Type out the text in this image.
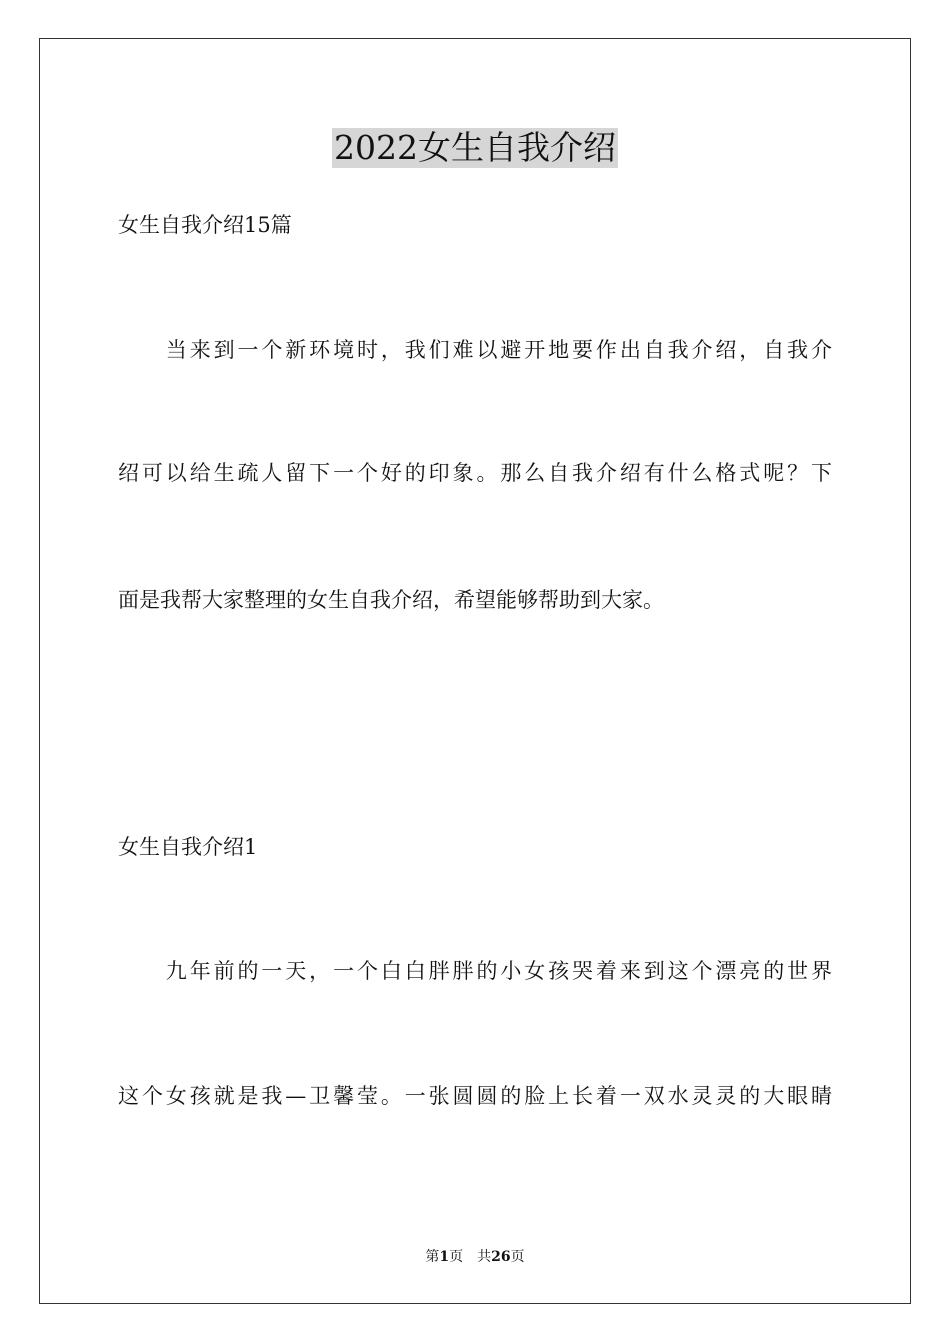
2022女生自我介绍
女生自我介绍15篇
　　当来到一个新环境时，我们难以避开地要作出自我介绍，自我介
绍可以给生疏人留下一个好的印象。那么自我介绍有什么格式呢？下
面是我帮大家整理的女生自我介绍，希望能够帮助到大家。
女生自我介绍1
　　九年前的一天，一个白白胖胖的小女孩哭着来到这个漂亮的世界
这个女孩就是我—卫馨莹。一张圆圆的脸上长着一双水灵灵的大眼睛
第1页　共26页
